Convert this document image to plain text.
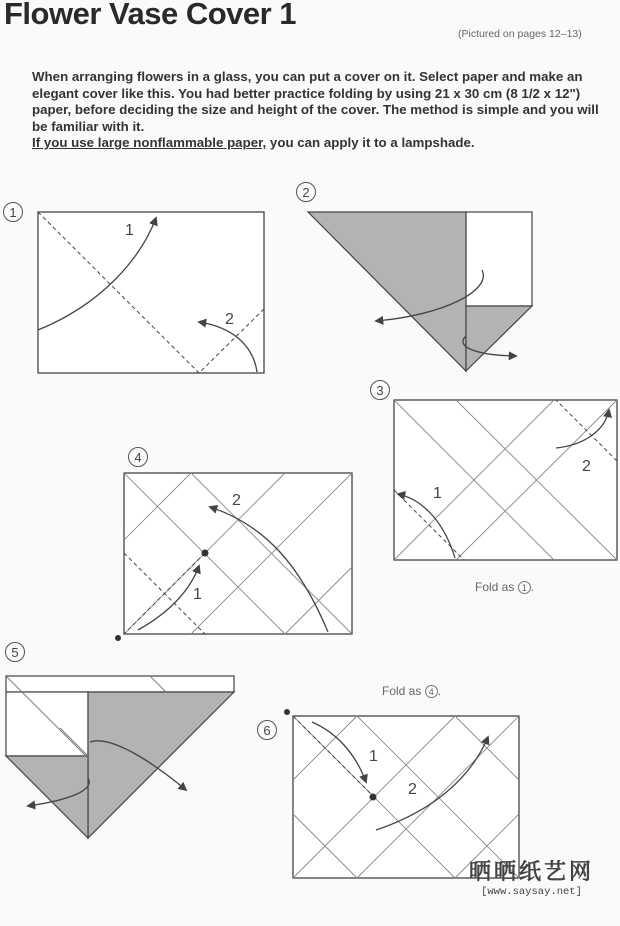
Flower Vase Cover 1
(Pictured on pages 12–13)
When arranging flowers in a glass, you can put a cover on it. Select paper and make an elegant cover like this. You had better practice folding by using 21 x 30 cm (8 1/2 x 12") paper, before deciding the size and height of the cover. The method is simple and you will be familiar with it.
If you use large nonflammable paper, you can apply it to a lampshade.
1
2
3
4
5
6
1
2
1
2
1
2
1
2
Fold as 1 .
Fold as 4 .
晒晒纸艺网
[www.saysay.net]
